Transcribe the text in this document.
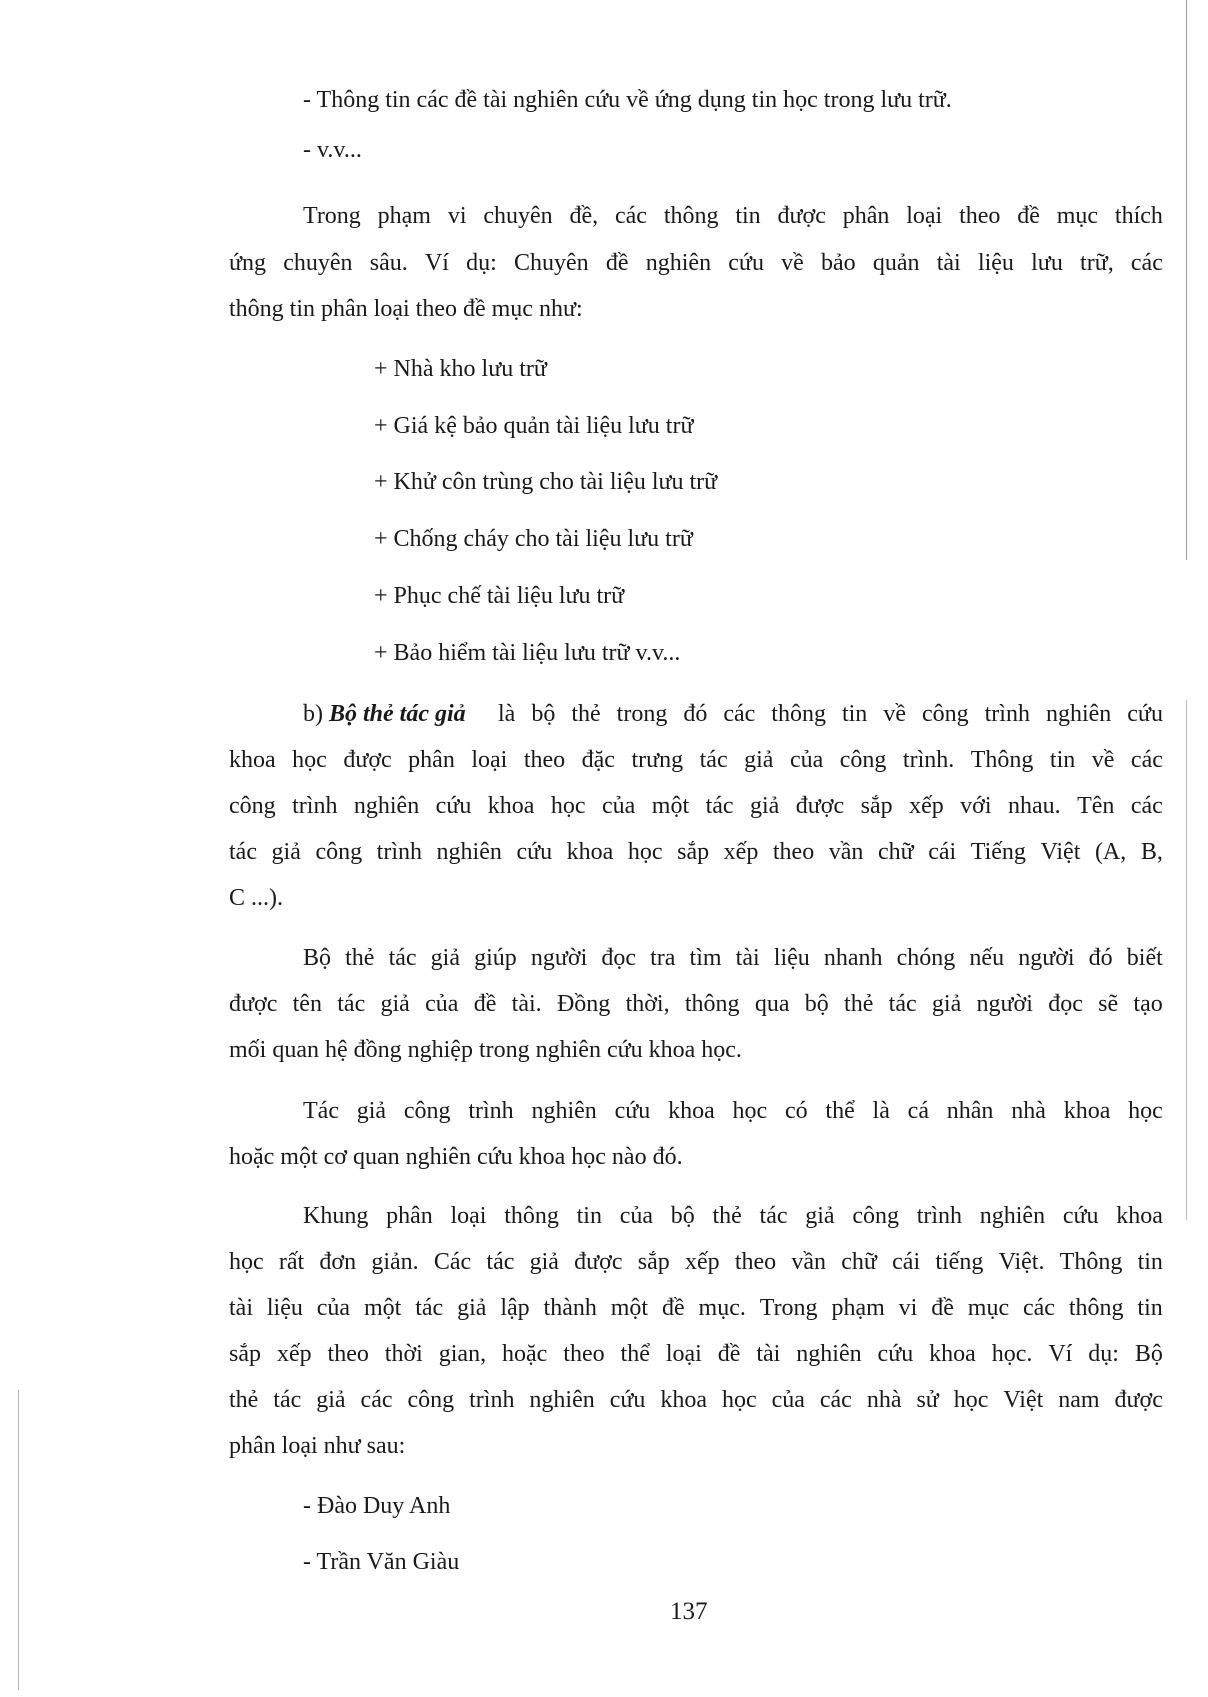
- Thông tin các đề tài nghiên cứu về ứng dụng tin học trong lưu trữ.

- v.v...

Trong phạm vi chuyên đề, các thông tin được phân loại theo đề mục thích
ứng chuyên sâu. Ví dụ: Chuyên đề nghiên cứu về bảo quản tài liệu lưu trữ, các

thông tin phân loại theo đề mục như:

+ Nhà kho lưu trữ

+ Giá kệ bảo quản tài liệu lưu trữ

+ Khử côn trùng cho tài liệu lưu trữ

+ Chống cháy cho tài liệu lưu trữ

+ Phục chế tài liệu lưu trữ

+ Bảo hiểm tài liệu lưu trữ v.v...

b) Bộ thẻ tác giả là bộ thẻ trong đó các thông tin về công trình nghiên cứu
khoa học được phân loại theo đặc trưng tác giả của công trình. Thông tin về các
công trình nghiên cứu khoa học của một tác giả được sắp xếp với nhau. Tên các
tác giả công trình nghiên cứu khoa học sắp xếp theo vần chữ cái Tiếng Việt (A, B,

C ...).

Bộ thẻ tác giả giúp người đọc tra tìm tài liệu nhanh chóng nếu người đó biết
được tên tác giả của đề tài. Đồng thời, thông qua bộ thẻ tác giả người đọc sẽ tạo

mối quan hệ đồng nghiệp trong nghiên cứu khoa học.

Tác giả công trình nghiên cứu khoa học có thể là cá nhân nhà khoa học

hoặc một cơ quan nghiên cứu khoa học nào đó.

Khung phân loại thông tin của bộ thẻ tác giả công trình nghiên cứu khoa
học rất đơn giản. Các tác giả được sắp xếp theo vần chữ cái tiếng Việt. Thông tin
tài liệu của một tác giả lập thành một đề mục. Trong phạm vi đề mục các thông tin
sắp xếp theo thời gian, hoặc theo thể loại đề tài nghiên cứu khoa học. Ví dụ: Bộ
thẻ tác giả các công trình nghiên cứu khoa học của các nhà sử học Việt nam được

phân loại như sau:

- Đào Duy Anh

- Trần Văn Giàu

137
